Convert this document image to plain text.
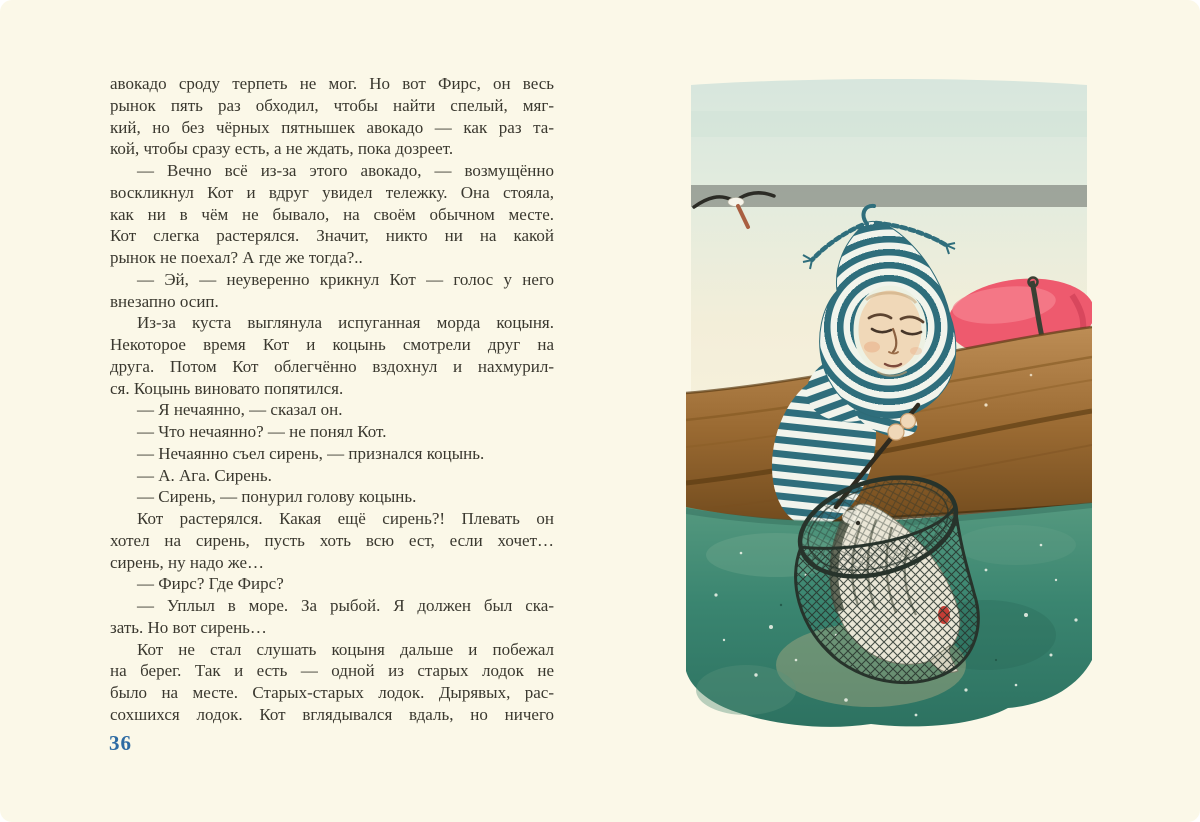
авокадо сроду терпеть не мог. Но вот Фирс, он весь
рынок пять раз обходил, чтобы найти спелый, мяг-
кий, но без чёрных пятнышек авокадо — как раз та-
кой, чтобы сразу есть, а не ждать, пока дозреет.
— Вечно всё из-за этого авокадо, — возмущённо
воскликнул Кот и вдруг увидел тележку. Она стояла,
как ни в чём не бывало, на своём обычном месте.
Кот слегка растерялся. Значит, никто ни на какой
рынок не поехал? А где же тогда?..
— Эй, — неуверенно крикнул Кот — голос у него
внезапно осип.
Из-за куста выглянула испуганная морда коцыня.
Некоторое время Кот и коцынь смотрели друг на
друга. Потом Кот облегчённо вздохнул и нахмурил-
ся. Коцынь виновато попятился.
— Я нечаянно, — сказал он.
— Что нечаянно? — не понял Кот.
— Нечаянно съел сирень, — признался коцынь.
— А. Ага. Сирень.
— Сирень, — понурил голову коцынь.
Кот растерялся. Какая ещё сирень?! Плевать он
хотел на сирень, пусть хоть всю ест, если хочет…
сирень, ну надо же…
— Фирс? Где Фирс?
— Уплыл в море. За рыбой. Я должен был ска-
зать. Но вот сирень…
Кот не стал слушать коцыня дальше и побежал
на берег. Так и есть — одной из старых лодок не
было на месте. Старых-старых лодок. Дырявых, рас-
сохшихся лодок. Кот вглядывался вдаль, но ничего
36
